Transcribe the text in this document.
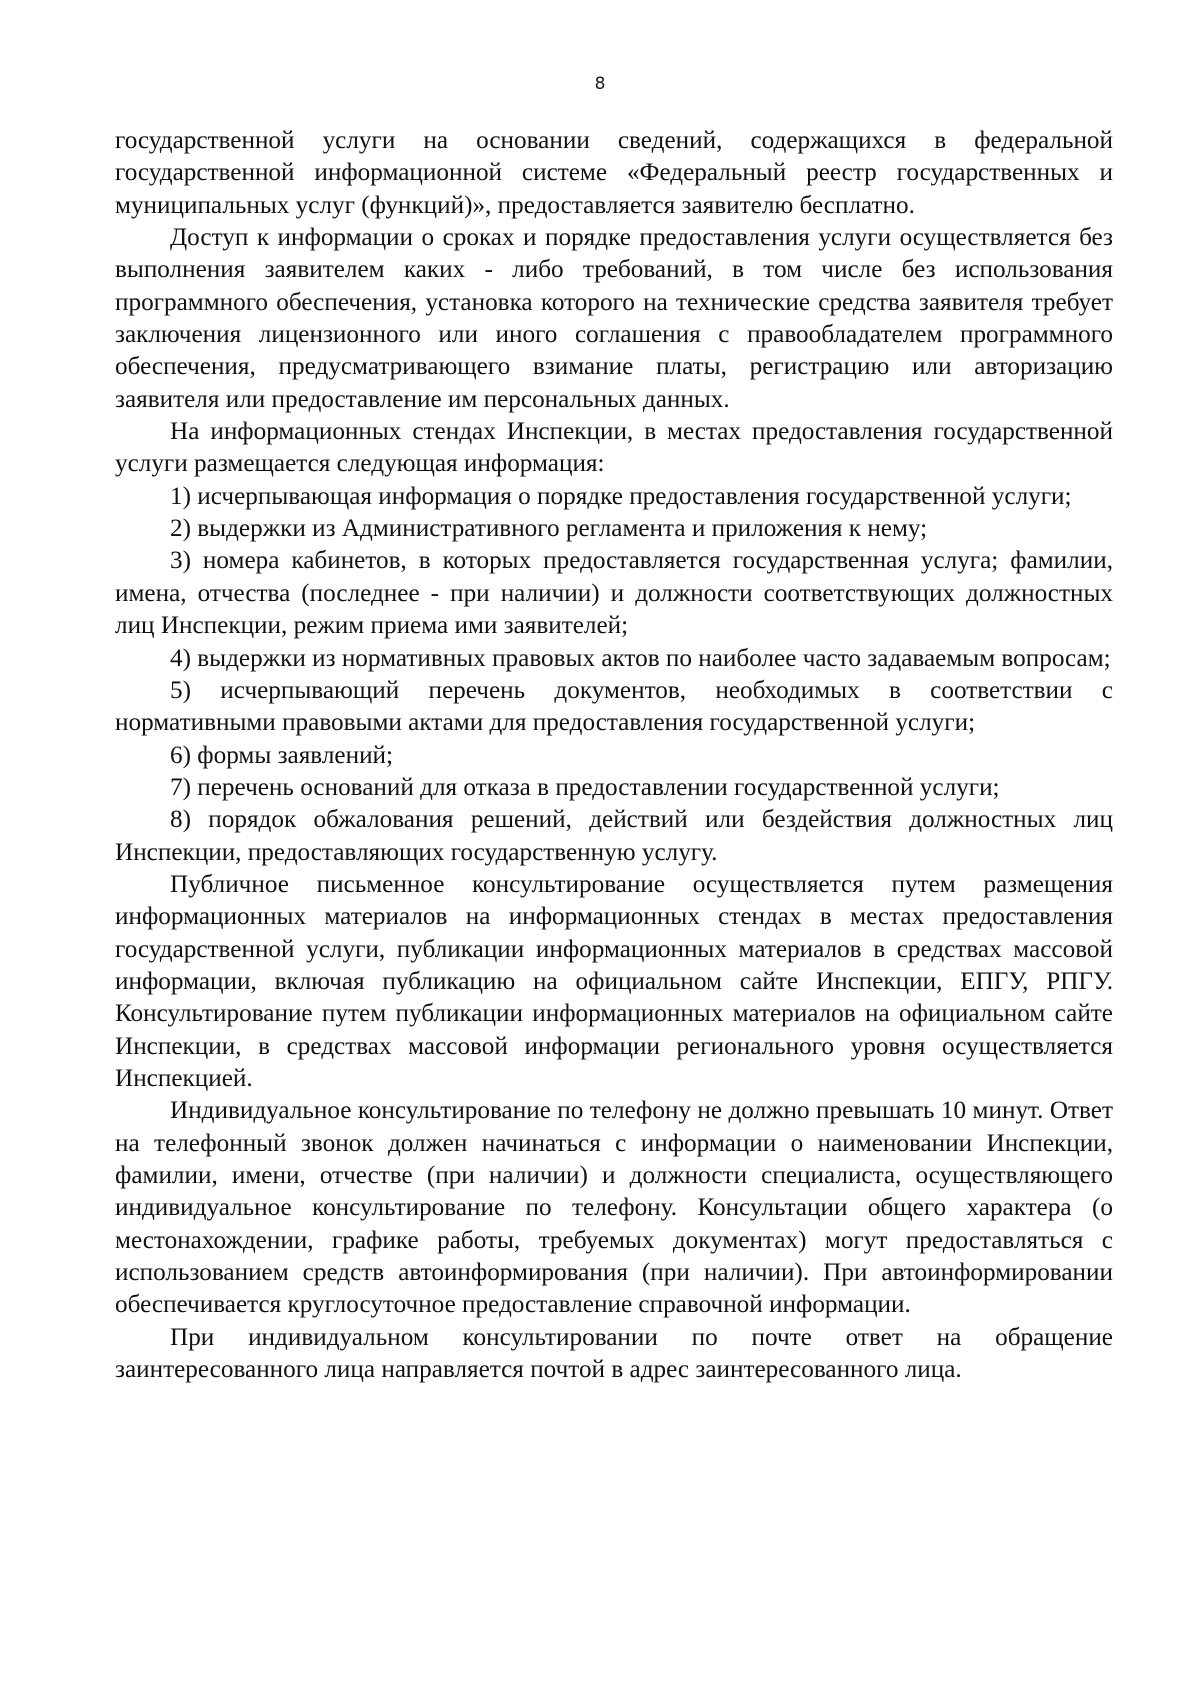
8

государственной услуги на основании сведений, содержащихся в федеральной государственной информационной системе «Федеральный реестр государственных и муниципальных услуг (функций)», предоставляется заявителю бесплатно.

Доступ к информации о сроках и порядке предоставления услуги осуществляется без выполнения заявителем каких - либо требований, в том числе без использования программного обеспечения, установка которого на технические средства заявителя требует заключения лицензионного или иного соглашения с правообладателем программного обеспечения, предусматривающего взимание платы, регистрацию или авторизацию заявителя или предоставление им персональных данных.

На информационных стендах Инспекции, в местах предоставления государственной услуги размещается следующая информация:

1) исчерпывающая информация о порядке предоставления государственной услуги;

2) выдержки из Административного регламента и приложения к нему;

3) номера кабинетов, в которых предоставляется государственная услуга; фамилии, имена, отчества (последнее - при наличии) и должности соответствующих должностных лиц Инспекции, режим приема ими заявителей;

4) выдержки из нормативных правовых актов по наиболее часто задаваемым вопросам;

5) исчерпывающий перечень документов, необходимых в соответствии с нормативными правовыми актами для предоставления государственной услуги;

6) формы заявлений;

7) перечень оснований для отказа в предоставлении государственной услуги;

8) порядок обжалования решений, действий или бездействия должностных лиц Инспекции, предоставляющих государственную услугу.

Публичное письменное консультирование осуществляется путем размещения информационных материалов на информационных стендах в местах предоставления государственной услуги, публикации информационных материалов в средствах массовой информации, включая публикацию на официальном сайте Инспекции, ЕПГУ, РПГУ. Консультирование путем публикации информационных материалов на официальном сайте Инспекции, в средствах массовой информации регионального уровня осуществляется Инспекцией.

Индивидуальное консультирование по телефону не должно превышать 10 минут. Ответ на телефонный звонок должен начинаться с информации о наименовании Инспекции, фамилии, имени, отчестве (при наличии) и должности специалиста, осуществляющего индивидуальное консультирование по телефону. Консультации общего характера (о местонахождении, графике работы, требуемых документах) могут предоставляться с использованием средств автоинформирования (при наличии). При автоинформировании обеспечивается круглосуточное предоставление справочной информации.

При индивидуальном консультировании по почте ответ на обращение заинтересованного лица направляется почтой в адрес заинтересованного лица.
